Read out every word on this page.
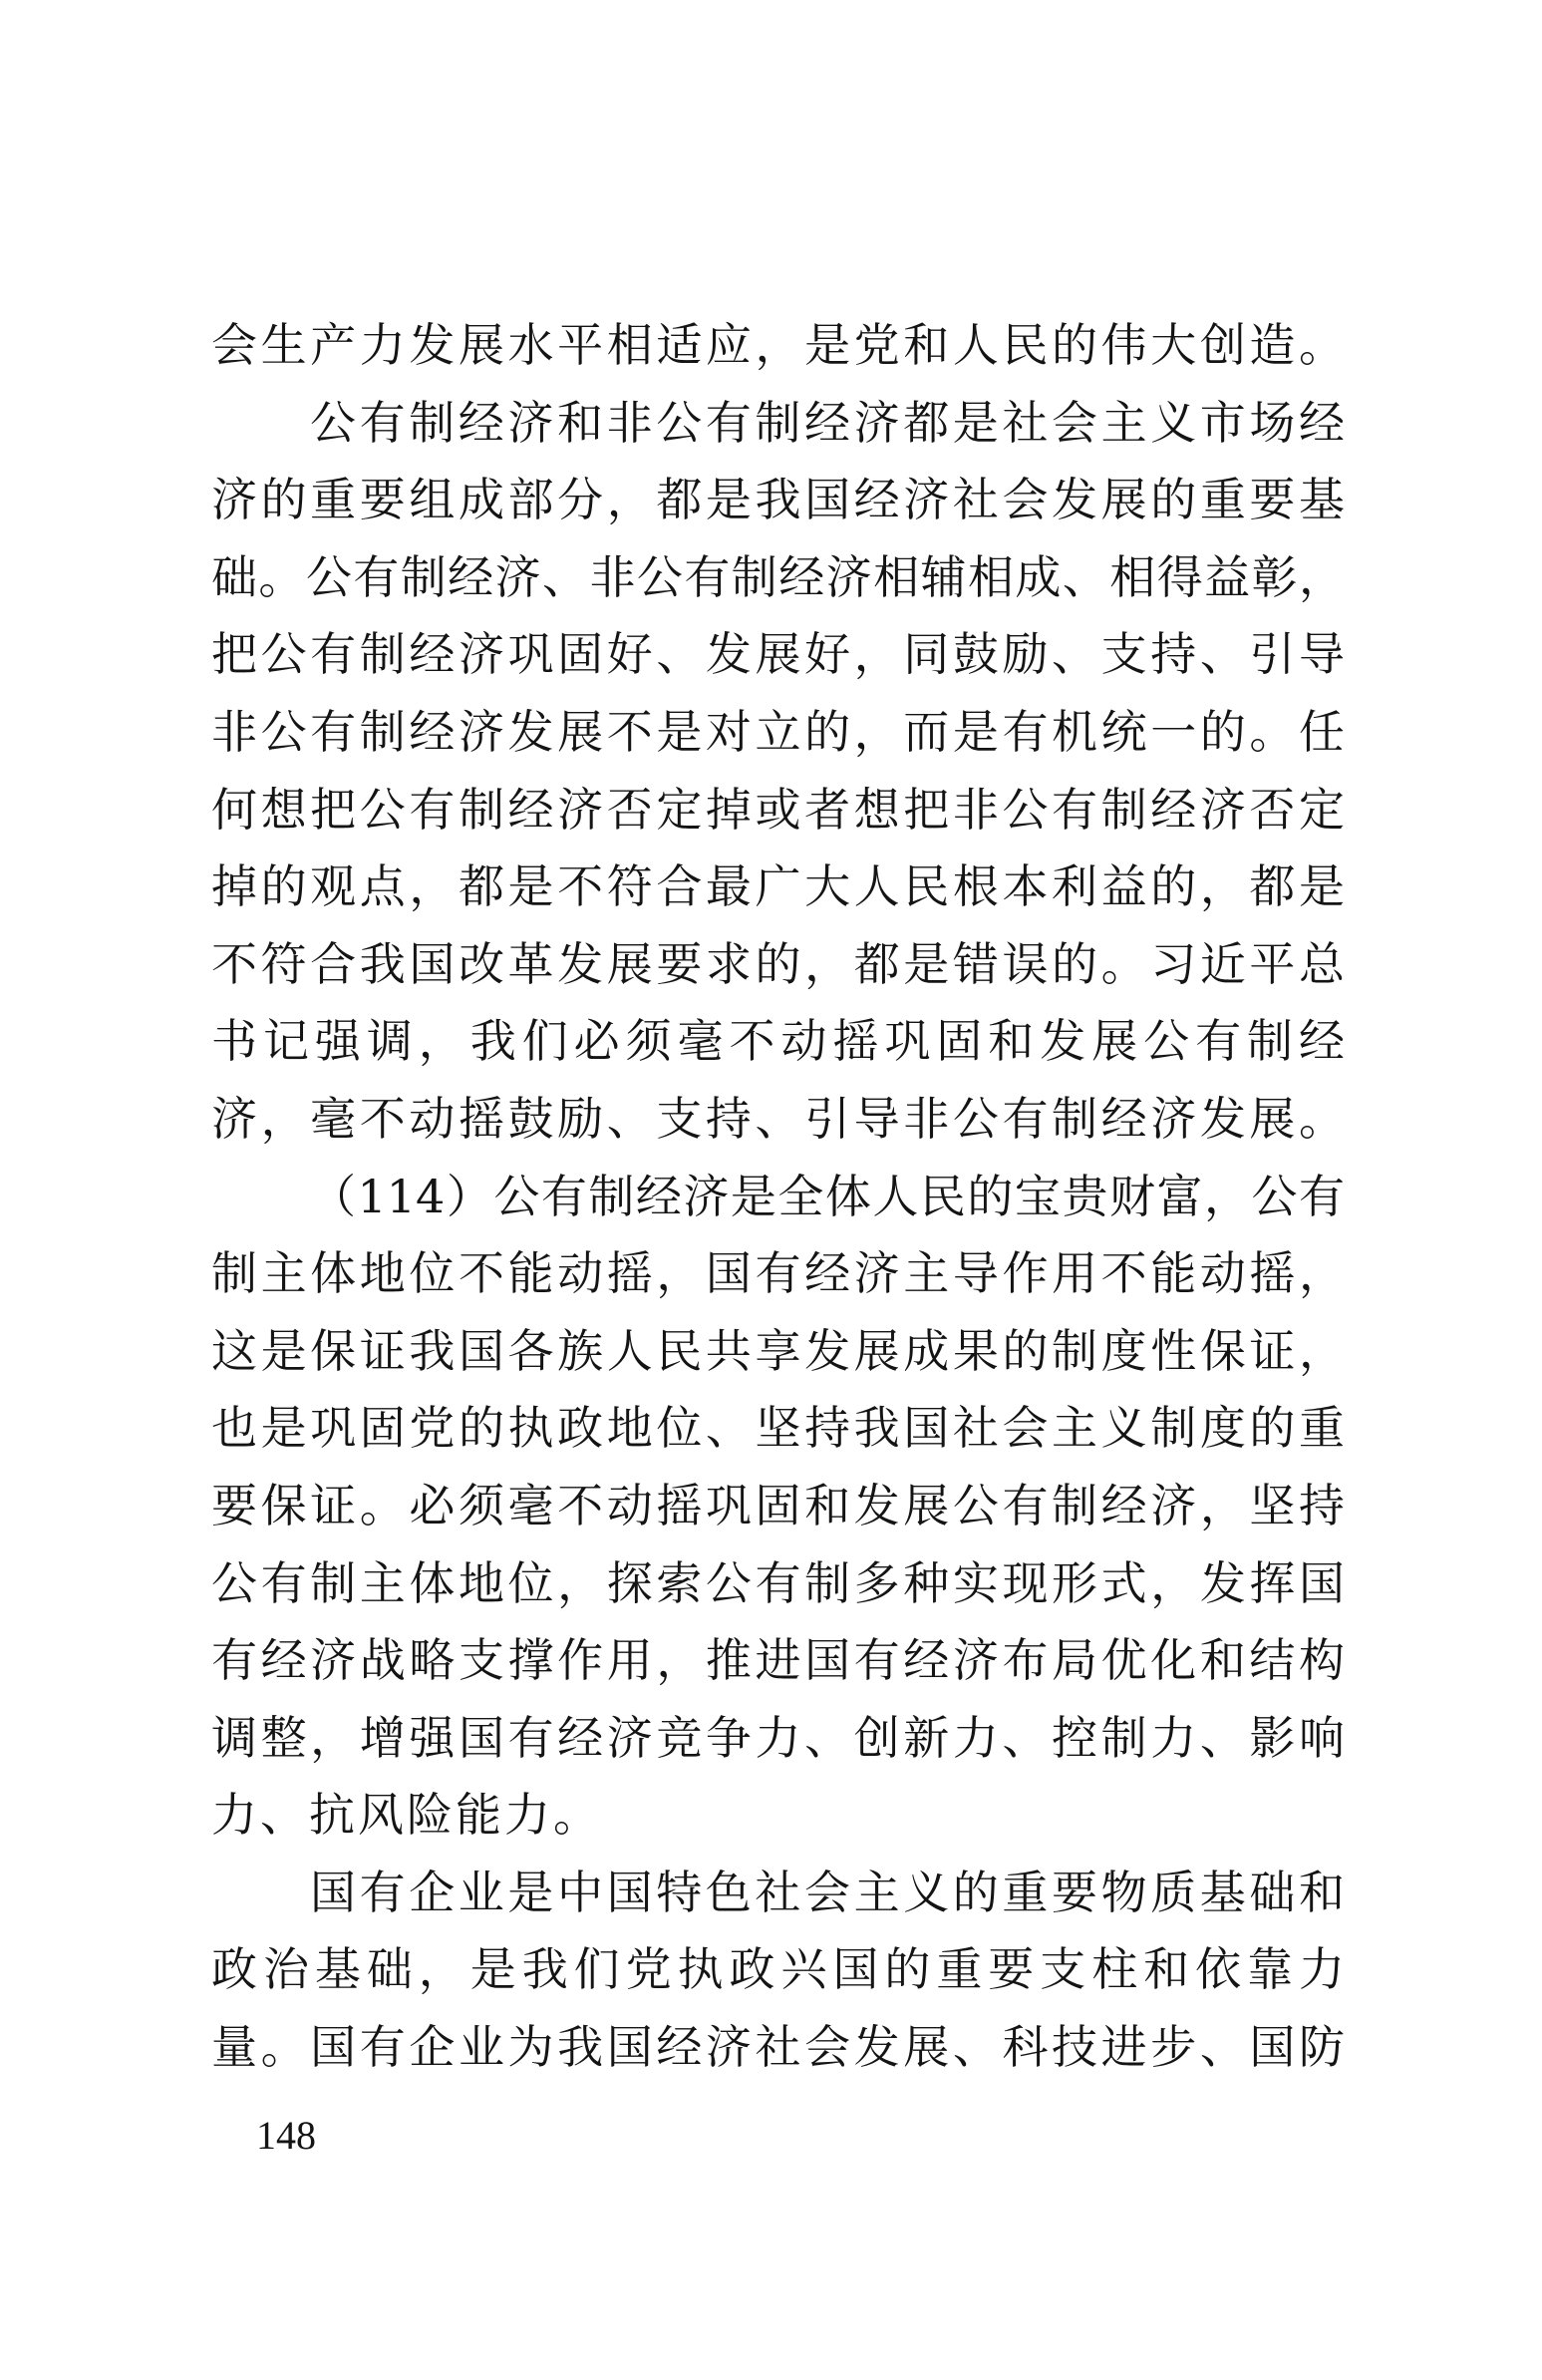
会生产力发展水平相适应，是党和人民的伟大创造。
公有制经济和非公有制经济都是社会主义市场经
济的重要组成部分，都是我国经济社会发展的重要基
础。公有制经济、非公有制经济相辅相成、相得益彰，
把公有制经济巩固好、发展好，同鼓励、支持、引导
非公有制经济发展不是对立的，而是有机统一的。任
何想把公有制经济否定掉或者想把非公有制经济否定
掉的观点，都是不符合最广大人民根本利益的，都是
不符合我国改革发展要求的，都是错误的。习近平总
书记强调，我们必须毫不动摇巩固和发展公有制经
济，毫不动摇鼓励、支持、引导非公有制经济发展。
（114）公有制经济是全体人民的宝贵财富，公有
制主体地位不能动摇，国有经济主导作用不能动摇，
这是保证我国各族人民共享发展成果的制度性保证，
也是巩固党的执政地位、坚持我国社会主义制度的重
要保证。必须毫不动摇巩固和发展公有制经济，坚持
公有制主体地位，探索公有制多种实现形式，发挥国
有经济战略支撑作用，推进国有经济布局优化和结构
调整，增强国有经济竞争力、创新力、控制力、影响
力、抗风险能力。
国有企业是中国特色社会主义的重要物质基础和
政治基础，是我们党执政兴国的重要支柱和依靠力
量。国有企业为我国经济社会发展、科技进步、国防
148
